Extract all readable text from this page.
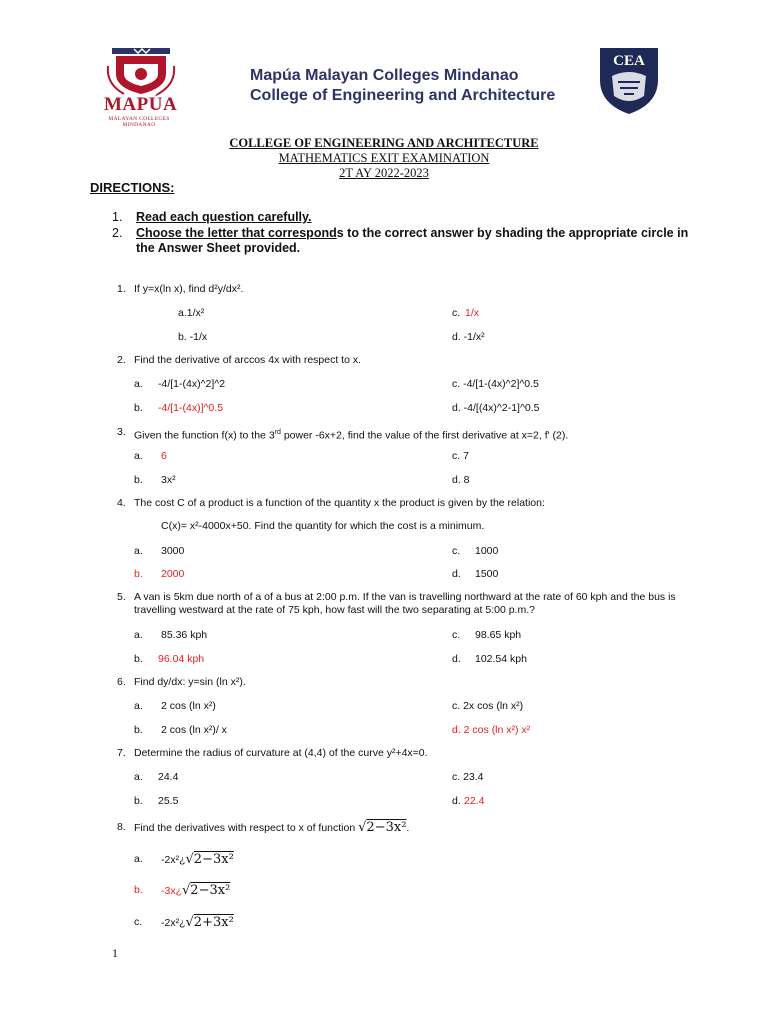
MAPÚA
MALAYAN COLLEGES
MINDANAO
Mapúa Malayan Colleges Mindanao
College of Engineering and Architecture
CEA
COLLEGE OF ENGINEERING AND ARCHITECTURE
MATHEMATICS EXIT EXAMINATION
2T AY 2022-2023
DIRECTIONS:
1. Read each question carefully.
2. Choose the letter that corresponds to the correct answer by shading the appropriate circle in the Answer Sheet provided.
1. If y=x(ln x), find d²y/dx².
a.1/x²	c. 1/x
b. -1/x	d. -1/x²
2. Find the derivative of arccos 4x with respect to x.
a. -4/[1-(4x)^2]^2	c. -4/[1-(4x)^2]^0.5
b. -4/[1-(4x)]^0.5	d. -4/[(4x)^2-1]^0.5
3. Given the function f(x) to the 3rd power -6x+2, find the value of the first derivative at x=2, f' (2).
a. 6	c. 7
b. 3x²	d. 8
4. The cost C of a product is a function of the quantity x the product is given by the relation:
C(x)= x²-4000x+50. Find the quantity for which the cost is a minimum.
a. 3000	c. 1000
b. 2000	d. 1500
5. A van is 5km due north of a of a bus at 2:00 p.m. If the van is travelling northward at the rate of 60 kph and the bus is travelling westward at the rate of 75 kph, how fast will the two separating at 5:00 p.m.?
a. 85.36 kph	c. 98.65 kph
b. 96.04 kph	d. 102.54 kph
6. Find dy/dx: y=sin (ln x²).
a. 2 cos (ln x²)	c. 2x cos (ln x²)
b. 2 cos (ln x²)/ x	d. 2 cos (ln x²) x²
7. Determine the radius of curvature at (4,4) of the curve y²+4x=0.
a. 24.4	c. 23.4
b. 25.5	d. 22.4
8. Find the derivatives with respect to x of function √2−3x².
a. -2x²¿√2−3x²
b. -3x¿√2−3x²
c. -2x²¿√2+3x²
1
